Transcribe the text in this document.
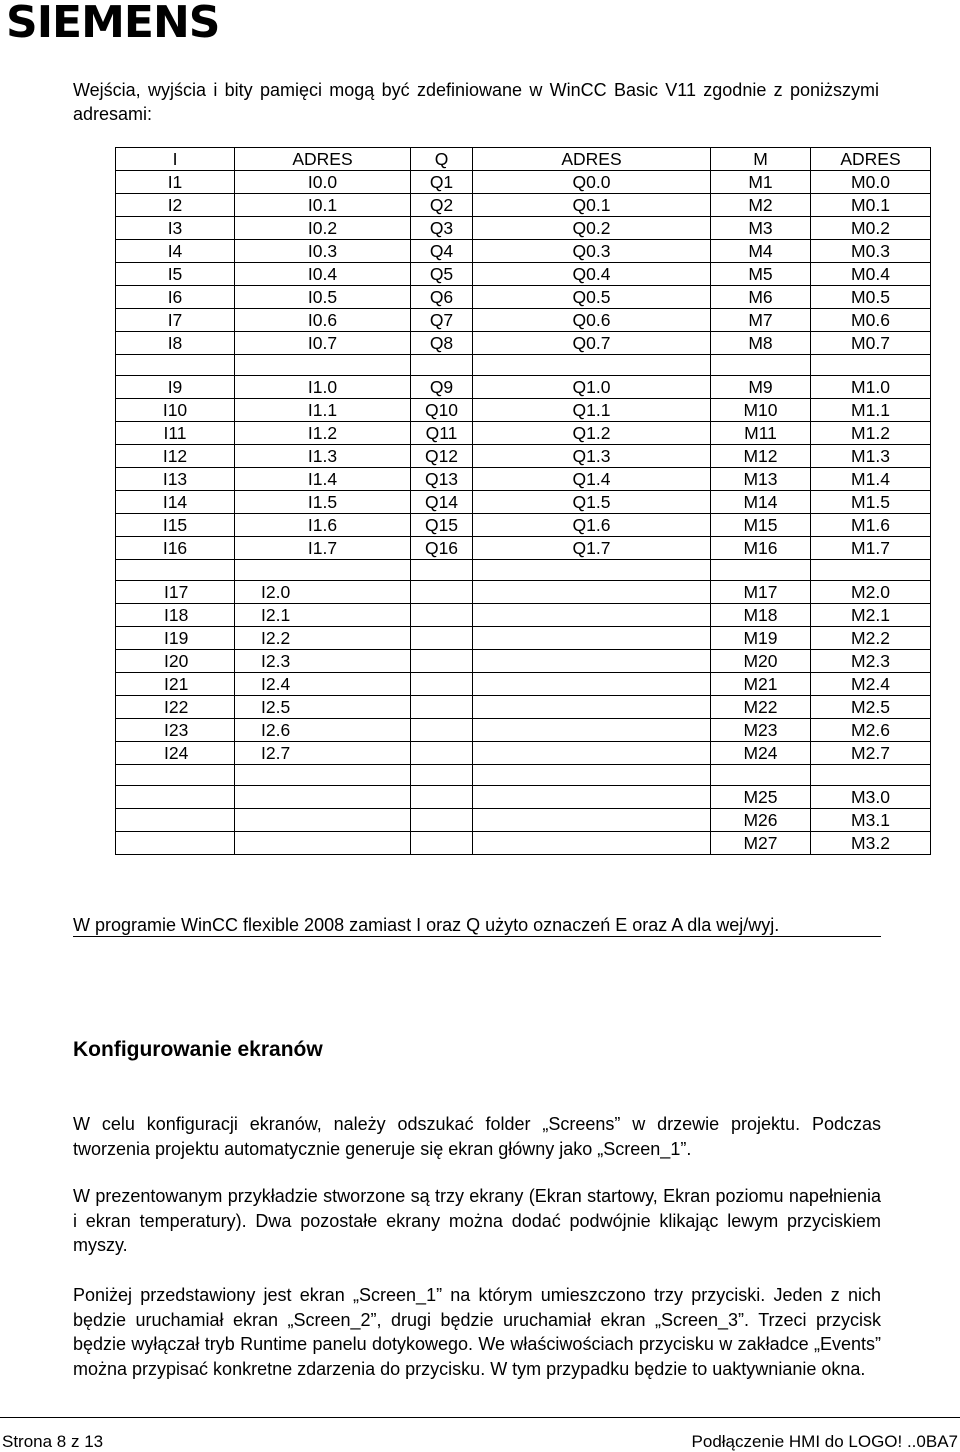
SIEMENS
Wejścia, wyjścia i bity pamięci mogą być zdefiniowane w WinCC Basic V11 zgodnie z poniższymi adresami:
I	ADRES	Q	ADRES	M	ADRES
I1	I0.0	Q1	Q0.0	M1	M0.0
I2	I0.1	Q2	Q0.1	M2	M0.1
I3	I0.2	Q3	Q0.2	M3	M0.2
I4	I0.3	Q4	Q0.3	M4	M0.3
I5	I0.4	Q5	Q0.4	M5	M0.4
I6	I0.5	Q6	Q0.5	M6	M0.5
I7	I0.6	Q7	Q0.6	M7	M0.6
I8	I0.7	Q8	Q0.7	M8	M0.7

I9	I1.0	Q9	Q1.0	M9	M1.0
I10	I1.1	Q10	Q1.1	M10	M1.1
I11	I1.2	Q11	Q1.2	M11	M1.2
I12	I1.3	Q12	Q1.3	M12	M1.3
I13	I1.4	Q13	Q1.4	M13	M1.4
I14	I1.5	Q14	Q1.5	M14	M1.5
I15	I1.6	Q15	Q1.6	M15	M1.6
I16	I1.7	Q16	Q1.7	M16	M1.7

I17	I2.0			M17	M2.0
I18	I2.1			M18	M2.1
I19	I2.2			M19	M2.2
I20	I2.3			M20	M2.3
I21	I2.4			M21	M2.4
I22	I2.5			M22	M2.5
I23	I2.6			M23	M2.6
I24	I2.7			M24	M2.7

				M25	M3.0
				M26	M3.1
				M27	M3.2
W programie WinCC flexible 2008 zamiast I oraz Q użyto oznaczeń E oraz A dla wej/wyj.
Konfigurowanie ekranów
W celu konfiguracji ekranów, należy odszukać folder „Screens” w drzewie projektu. Podczas tworzenia projektu automatycznie generuje się ekran główny jako „Screen_1”.
W prezentowanym przykładzie stworzone są trzy ekrany (Ekran startowy, Ekran poziomu napełnienia i ekran temperatury). Dwa pozostałe ekrany można dodać podwójnie klikając lewym przyciskiem myszy.
Poniżej przedstawiony jest ekran „Screen_1” na którym umieszczono trzy przyciski. Jeden z nich będzie uruchamiał ekran „Screen_2”, drugi będzie uruchamiał ekran „Screen_3”. Trzeci przycisk będzie wyłączał tryb Runtime panelu dotykowego. We właściwościach przycisku w zakładce „Events” można przypisać konkretne zdarzenia do przycisku. W tym przypadku będzie to uaktywnianie okna.
Strona 8 z 13	Podłączenie HMI do LOGO! ..0BA7
